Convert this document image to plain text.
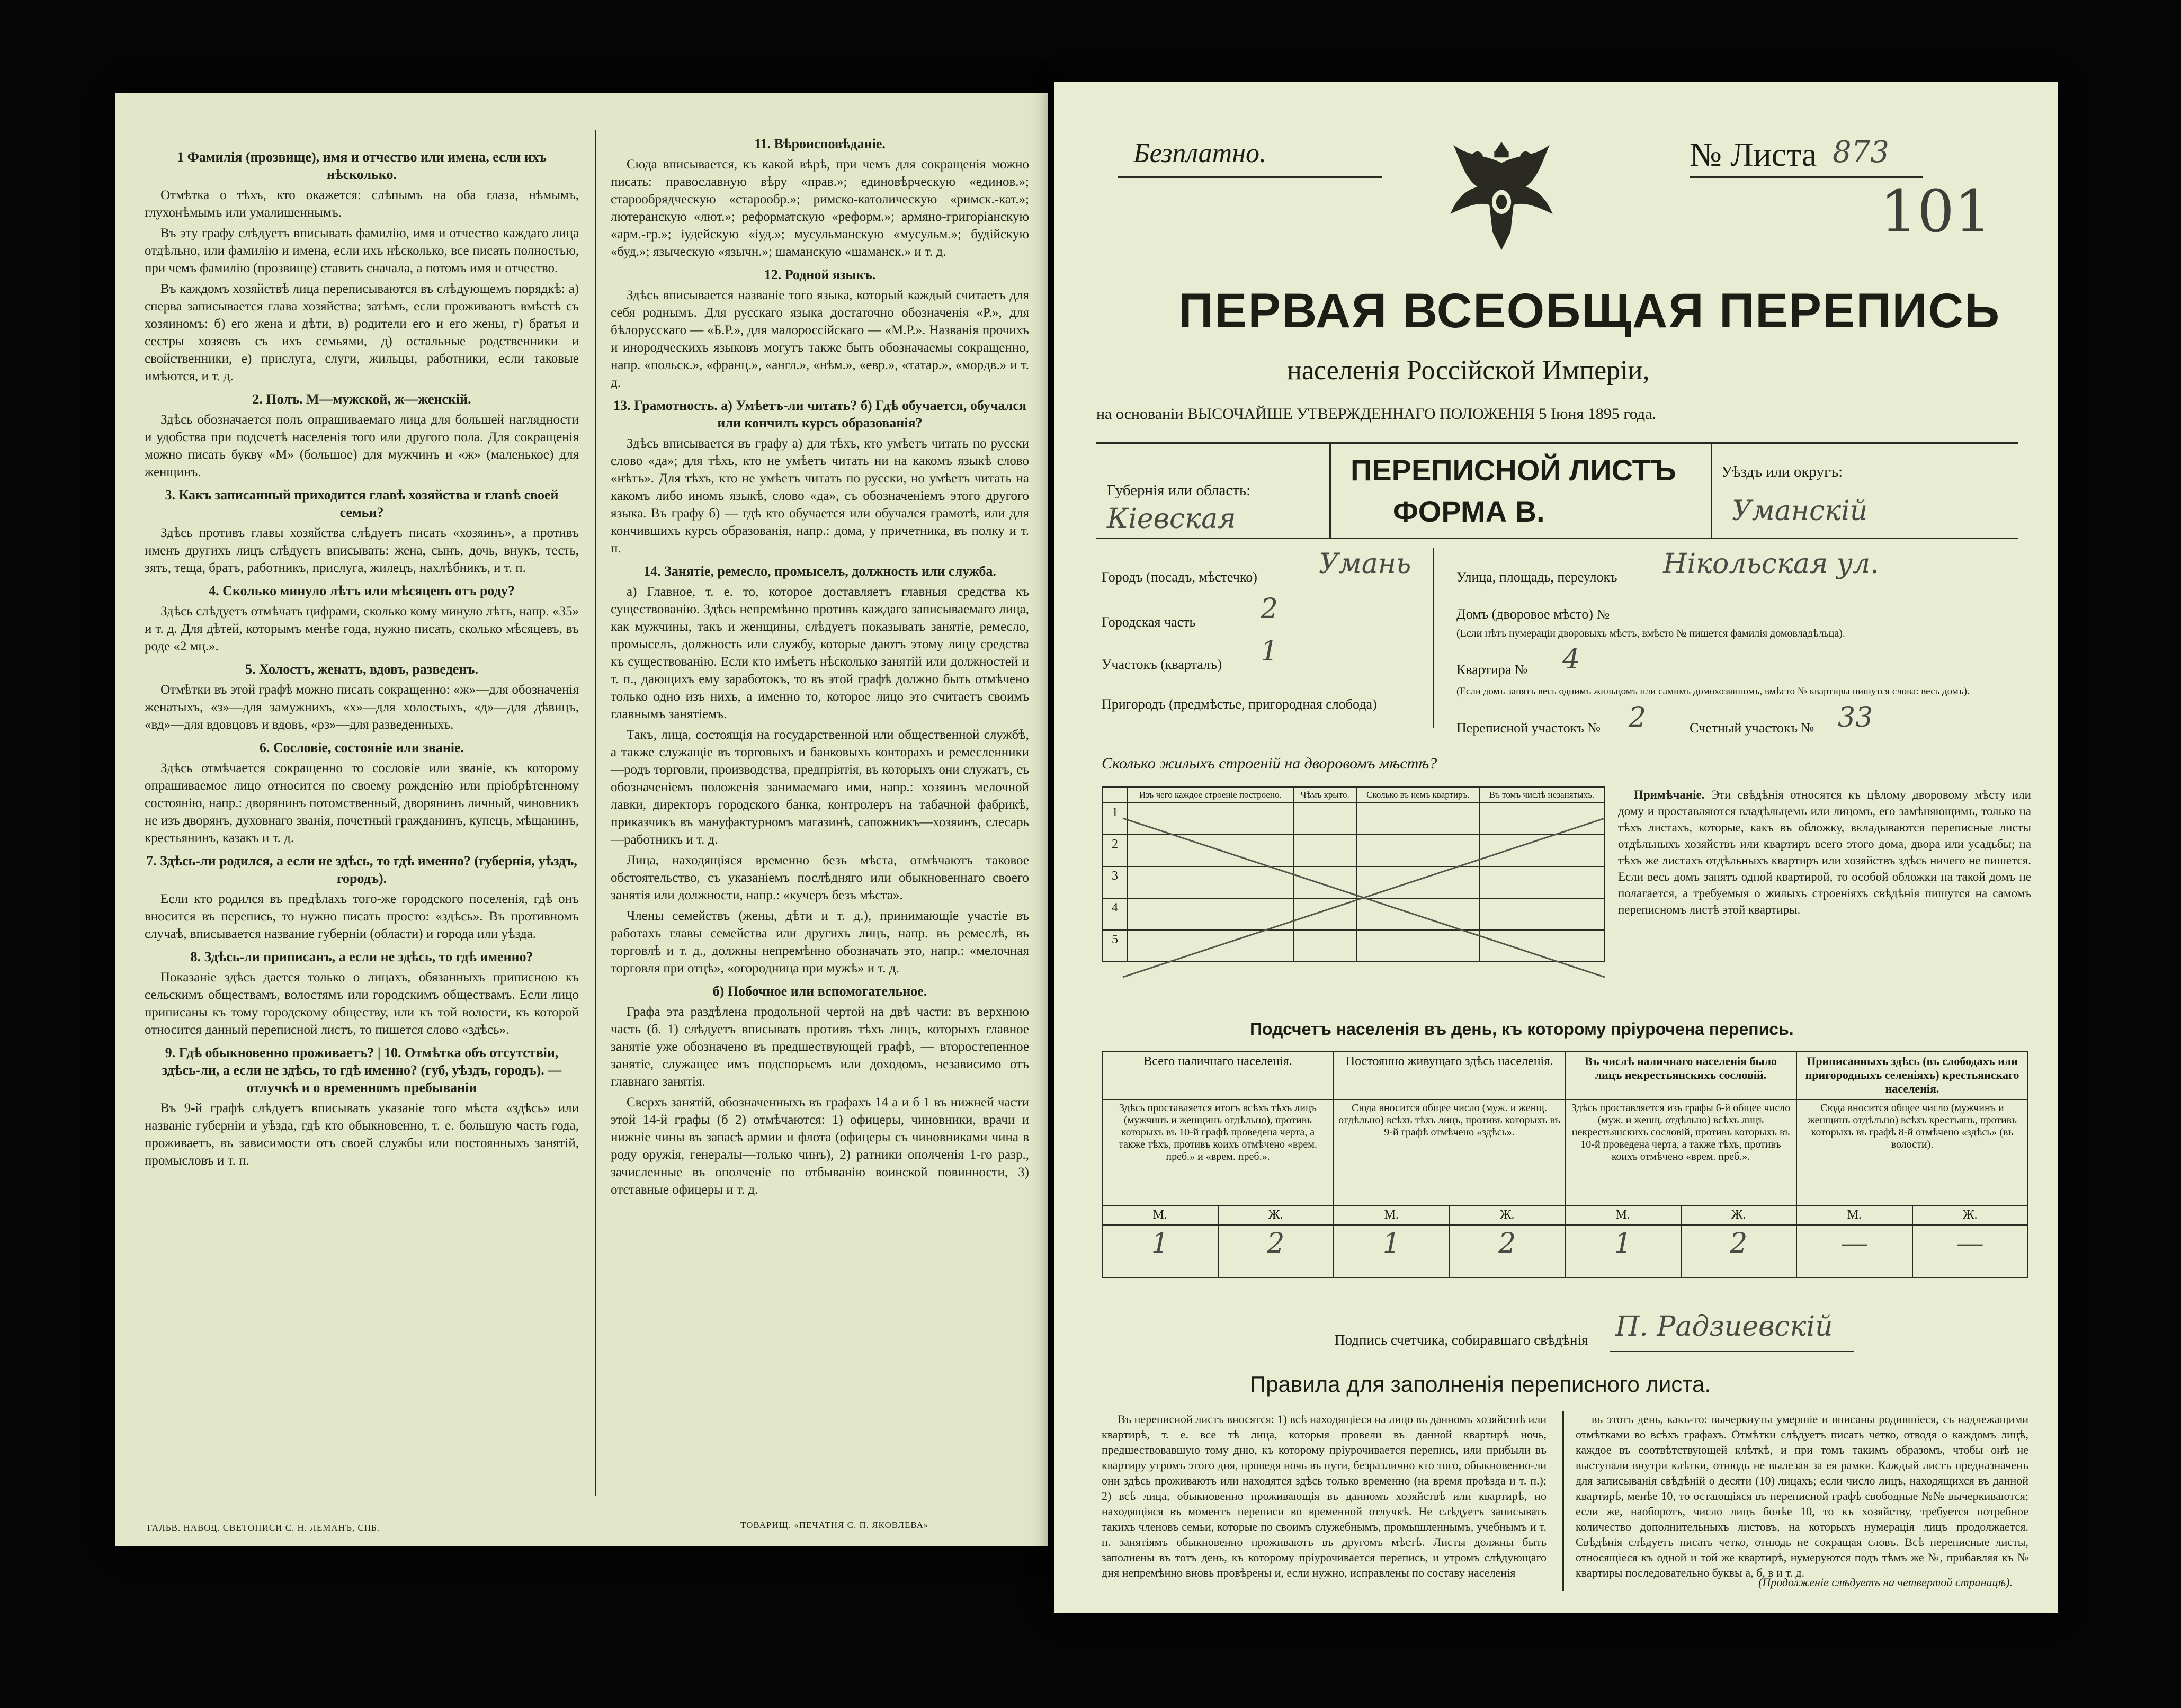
1 Фамилія (прозвище), имя и отчество или имена, если ихъ нѣсколько.

Отмѣтка о тѣхъ, кто окажется: слѣпымъ на оба глаза, нѣмымъ, глухонѣмымъ или умалишеннымъ.

Въ эту графу слѣдуетъ вписывать фамилію, имя и отчество каждаго лица отдѣльно, или фамилію и имена, если ихъ нѣсколько, все писать полностью, при чемъ фамилію (прозвище) ставить сначала, а потомъ имя и отчество.

Въ каждомъ хозяйствѣ лица переписываются въ слѣдующемъ порядкѣ: а) сперва записывается глава хозяйства; затѣмъ, если проживаютъ вмѣстѣ съ хозяиномъ: б) его жена и дѣти, в) родители его и его жены, г) братья и сестры хозяевъ съ ихъ семьями, д) остальные родственники и свойственники, е) прислуга, слуги, жильцы, работники, если таковые имѣются, и т. д.

2. Полъ. М—мужской, ж—женскій.

Здѣсь обозначается полъ опрашиваемаго лица для большей наглядности и удобства при подсчетѣ населенія того или другого пола. Для сокращенія можно писать букву «М» (большое) для мужчинъ и «ж» (маленькое) для женщинъ.

3. Какъ записанный приходится главѣ хозяйства и главѣ своей семьи?

Здѣсь противъ главы хозяйства слѣдуетъ писать «хозяинъ», а противъ именъ другихъ лицъ слѣдуетъ вписывать: жена, сынъ, дочь, внукъ, тесть, зять, теща, братъ, работникъ, прислуга, жилецъ, нахлѣбникъ, и т. п.

4. Сколько минуло лѣтъ или мѣсяцевъ отъ роду?

Здѣсь слѣдуетъ отмѣчать цифрами, сколько кому минуло лѣтъ, напр. «35» и т. д. Для дѣтей, которымъ менѣе года, нужно писать, сколько мѣсяцевъ, въ роде «2 мц.».

5. Холостъ, женатъ, вдовъ, разведенъ.

Отмѣтки въ этой графѣ можно писать сокращенно: «ж»—для обозначенія женатыхъ, «з»—для замужнихъ, «х»—для холостыхъ, «д»—для дѣвицъ, «вд»—для вдовцовъ и вдовъ, «рз»—для разведенныхъ.

6. Сословіе, состояніе или званіе.

Здѣсь отмѣчается сокращенно то сословіе или званіе, къ которому опрашиваемое лицо относится по своему рожденію или пріобрѣтенному состоянію, напр.: дворянинъ потомственный, дворянинъ личный, чиновникъ не изъ дворянъ, духовнаго званія, почетный гражданинъ, купецъ, мѣщанинъ, крестьянинъ, казакъ и т. д.

7. Здѣсь-ли родился, а если не здѣсь, то гдѣ именно? (губернія, уѣздъ, городъ).

Если кто родился въ предѣлахъ того-же городского поселенія, гдѣ онъ вносится въ перепись, то нужно писать просто: «здѣсь». Въ противномъ случаѣ, вписывается название губерніи (области) и города или уѣзда.

8. Здѣсь-ли приписанъ, а если не здѣсь, то гдѣ именно?

Показаніе здѣсь дается только о лицахъ, обязанныхъ приписною къ сельскимъ обществамъ, волостямъ или городскимъ обществамъ. Если лицо приписаны къ тому городскому обществу, или къ той волости, къ которой относится данный переписной листъ, то пишется слово «здѣсь».

9. Гдѣ обыкновенно проживаетъ? | 10. Отмѣтка объ отсутствіи, здѣсь-ли, а если не здѣсь, то гдѣ именно? (губ, уѣздъ, городъ). — отлучкѣ и о временномъ пребываніи

Въ 9-й графѣ слѣдуетъ вписывать указаніе того мѣста «здѣсь» или названіе губерніи и уѣзда, гдѣ кто обыкновенно, т. е. большую часть года, проживаетъ, въ зависимости отъ своей службы или постоянныхъ занятій, промысловъ и т. п.

11. Вѣроисповѣданіе.

Сюда вписывается, къ какой вѣрѣ, при чемъ для сокращенія можно писать: православную вѣру «прав.»; единовѣрческую «единов.»; старообрядческую «старообр.»; римско-католическую «римск.-кат.»; лютеранскую «лют.»; реформатскую «реформ.»; армяно-григоріанскую «арм.-гр.»; іудейскую «іуд.»; мусульманскую «мусульм.»; будійскую «буд.»; языческую «язычн.»; шаманскую «шаманск.» и т. д.

12. Родной языкъ.

Здѣсь вписывается названіе того языка, который каждый считаетъ для себя роднымъ. Для русскаго языка достаточно обозначенія «Р.», для бѣлорусскаго — «Б.Р.», для малороссійскаго — «М.Р.». Названія прочихъ и инородческихъ языковъ могутъ также быть обозначаемы сокращенно, напр. «польск.», «франц.», «англ.», «нѣм.», «евр.», «татар.», «мордв.» и т. д.

13. Грамотность. а) Умѣетъ-ли читать? б) Гдѣ обучается, обучался или кончилъ курсъ образованія?

Здѣсь вписывается въ графу а) для тѣхъ, кто умѣетъ читать по русски слово «да»; для тѣхъ, кто не умѣетъ читать ни на какомъ языкѣ слово «нѣтъ». Для тѣхъ, кто не умѣетъ читать по русски, но умѣетъ читать на какомъ либо иномъ языкѣ, слово «да», съ обозначеніемъ этого другого языка. Въ графу б) — гдѣ кто обучается или обучался грамотѣ, или для кончившихъ курсъ образованія, напр.: дома, у причетника, въ полку и т. п.

14. Занятіе, ремесло, промыселъ, должность или служба.

а) Главное, т. е. то, которое доставляетъ главныя средства къ существованію. Здѣсь непремѣнно противъ каждаго записываемаго лица, как мужчины, такъ и женщины, слѣдуетъ показывать занятіе, ремесло, промыселъ, должность или службу, которые даютъ этому лицу средства къ существованію. Если кто имѣетъ нѣсколько занятій или должностей и т. п., дающихъ ему заработокъ, то въ этой графѣ должно быть отмѣчено только одно изъ нихъ, а именно то, которое лицо это считаетъ своимъ главнымъ занятіемъ.

Такъ, лица, состоящія на государственной или общественной службѣ, а также служащіе въ торговыхъ и банковыхъ конторахъ и ремесленники—родъ торговли, производства, предпріятія, въ которыхъ они служатъ, съ обозначеніемъ положенія занимаемаго ими, напр.: хозяинъ мелочной лавки, директоръ городского банка, контролеръ на табачной фабрикѣ, приказчикъ въ мануфактурномъ магазинѣ, сапожникъ—хозяинъ, слесарь—работникъ и т. д.

Лица, находящіяся временно безъ мѣста, отмѣчаютъ таковое обстоятельство, съ указаніемъ послѣдняго или обыкновеннаго своего занятія или должности, напр.: «кучеръ безъ мѣста».

Члены семействъ (жены, дѣти и т. д.), принимающіе участіе въ работахъ главы семейства или другихъ лицъ, напр. въ ремеслѣ, въ торговлѣ и т. д., должны непремѣнно обозначать это, напр.: «мелочная торговля при отцѣ», «огородница при мужѣ» и т. д.

б) Побочное или вспомогательное.

Графа эта раздѣлена продольной чертой на двѣ части: въ верхнюю часть (б. 1) слѣдуетъ вписывать противъ тѣхъ лицъ, которыхъ главное занятіе уже обозначено въ предшествующей графѣ, — второстепенное занятіе, служащее имъ подспорьемъ или доходомъ, независимо отъ главнаго занятія.

Сверхъ занятій, обозначенныхъ въ графахъ 14 а и б 1 въ нижней части этой 14-й графы (б 2) отмѣчаются: 1) офицеры, чиновники, врачи и нижніе чины въ запасѣ армии и флота (офицеры съ чиновниками чина в роду оружія, генералы—только чинъ), 2) ратники ополченія 1-го разр., зачисленные въ ополченіе по отбыванію воинской повинности, 3) отставные офицеры и т. д.

ГАЛЬВ. НАВОД. СВЕТОПИСИ С. Н. ЛЕМАНЪ, СПБ.	ТОВАРИЩ. «ПЕЧАТНЯ С. П. ЯКОВЛЕВА»
Безплатно.	№ Листа 873
101
ПЕРВАЯ ВСЕОБЩАЯ ПЕРЕПИСЬ
населенія Россійской Имперіи,
на основаніи ВЫСОЧАЙШЕ УТВЕРЖДЕННАГО ПОЛОЖЕНІЯ 5 Іюня 1895 года.
Губернія или область:
Кіевская
ПЕРЕПИСНОЙ ЛИСТЪ
ФОРМА В.
Уѣздъ или округъ:
Уманскій
Городъ (посадъ, мѣстечко) Умань
Городская часть 2
Участокъ (кварталъ) 1
Пригородъ (предмѣстье, пригородная слобода)
Улица, площадь, переулокъ Нікольская ул.
Домъ (дворовое мѣсто) №
(Если нѣтъ нумераціи дворовыхъ мѣстъ, вмѣсто № пишется фамилія домовладѣльца).
Квартира № 4
(Если домъ занятъ весь однимъ жильцомъ или самимъ домохозяиномъ, вмѣсто № квартиры пишутся слова: весь домъ).
Переписной участокъ № 2	Счетный участокъ № 33
Сколько жилыхъ строеній на дворовомъ мѣстѣ?
	Изъ чего каждое строеніе построено.	Чѣмъ крыто.	Сколько въ немъ квартиръ.	Въ томъ числѣ незанятыхъ.
1				
2				
3				
4				
5				

Примѣчаніе. Эти свѣдѣнія относятся къ цѣлому дворовому мѣсту или дому и проставляются владѣльцемъ или лицомъ, его замѣняющимъ, только на тѣхъ листахъ, которые, какъ въ обложку, вкладываются переписные листы отдѣльныхъ хозяйствъ или квартиръ всего этого дома, двора или усадьбы; на тѣхъ же листахъ отдѣльныхъ квартиръ или хозяйствъ здѣсь ничего не пишется. Если весь домъ занятъ одной квартирой, то особой обложки на такой домъ не полагается, а требуемыя о жилыхъ строеніяхъ свѣдѣнія пишутся на самомъ переписномъ листѣ этой квартиры.

Подсчетъ населенія въ день, къ которому пріурочена перепись.
Всего наличнаго населенія.		Постоянно живущаго здѣсь населенія.		Въ числѣ наличнаго населенія было лицъ некрестьянскихъ сословій.		Приписанныхъ здѣсь (въ слободахъ или пригородныхъ селеніяхъ) крестьянскаго населенія.	
Здѣсь проставляется итогъ всѣхъ тѣхъ лицъ (мужчинъ и женщинъ отдѣльно), противъ которыхъ въ 10-й графѣ проведена черта, а также тѣхъ, противъ коихъ отмѣчено «врем. преб.» и «врем. преб.».		Сюда вносится общее число (муж. и женщ. отдѣльно) всѣхъ тѣхъ лицъ, противъ которыхъ въ 9-й графѣ отмѣчено «здѣсь».		Здѣсь проставляется изъ графы 6-й общее число (муж. и женщ. отдѣльно) всѣхъ лицъ некрестьянскихъ сословій, противъ которыхъ въ 10-й проведена черта, а также тѣхъ, противъ коихъ отмѣчено «врем. преб.».		Сюда вносится общее число (мужчинъ и женщинъ отдѣльно) всѣхъ крестьянъ, противъ которыхъ въ графѣ 8-й отмѣчено «здѣсь» (въ волости).	
М.	Ж.	М.	Ж.	М.	Ж.	М.	Ж.
1	2	1	2	1	2	—	—
Подпись счетчика, собиравшаго свѣдѣнія П. Радзиевскій
Правила для заполненія переписного листа.

Въ переписной листъ вносятся: 1) всѣ находящіеся на лицо въ данномъ хозяйствѣ или квартирѣ, т. е. все тѣ лица, которыя провели въ данной квартирѣ ночь, предшествовавшую тому дню, къ которому пріурочивается перепись, или прибыли въ квартиру утромъ этого дня, проведя ночь въ пути, безразлично кто того, обыкновенно-ли они здѣсь проживаютъ или находятся здѣсь только временно (на время проѣзда и т. п.); 2) всѣ лица, обыкновенно проживающія въ данномъ хозяйствѣ или квартирѣ, но находящіяся въ моментъ переписи во временной отлучкѣ. Не слѣдуетъ записывать такихъ членовъ семьи, которые по своимъ служебнымъ, промышленнымъ, учебнымъ и т. п. занятіямъ обыкновенно проживаютъ въ другомъ мѣстѣ. Листы должны быть заполнены въ тотъ день, къ которому пріурочивается перепись, и утромъ слѣдующаго дня непремѣнно вновь провѣрены и, если нужно, исправлены по составу населенія

въ этотъ день, какъ-то: вычеркнуты умершіе и вписаны родившіеся, съ надлежащими отмѣтками во всѣхъ графахъ. Отмѣтки слѣдуетъ писать четко, отводя о каждомъ лицѣ, каждое въ соотвѣтствующей клѣткѣ, и при томъ такимъ образомъ, чтобы онѣ не выступали внутри клѣтки, отнюдь не вылезая за ея рамки. Каждый листъ предназначенъ для записыванія свѣдѣній о десяти (10) лицахъ; если число лицъ, находящихся въ данной квартирѣ, менѣе 10, то остающіяся въ переписной графѣ свободные №№ вычеркиваются; если же, наоборотъ, число лицъ болѣе 10, то къ хозяйству, требуется потребное количество дополнительныхъ листовъ, на которыхъ нумерація лицъ продолжается. Свѣдѣнія слѣдуетъ писать четко, отнюдь не сокращая словъ. Всѣ переписные листы, относящіеся къ одной и той же квартирѣ, нумеруются подъ тѣмъ же №, прибавляя къ № квартиры последовательно буквы а, б, в и т. д.

(Продолженіе слѣдуетъ на четвертой страницѣ).
